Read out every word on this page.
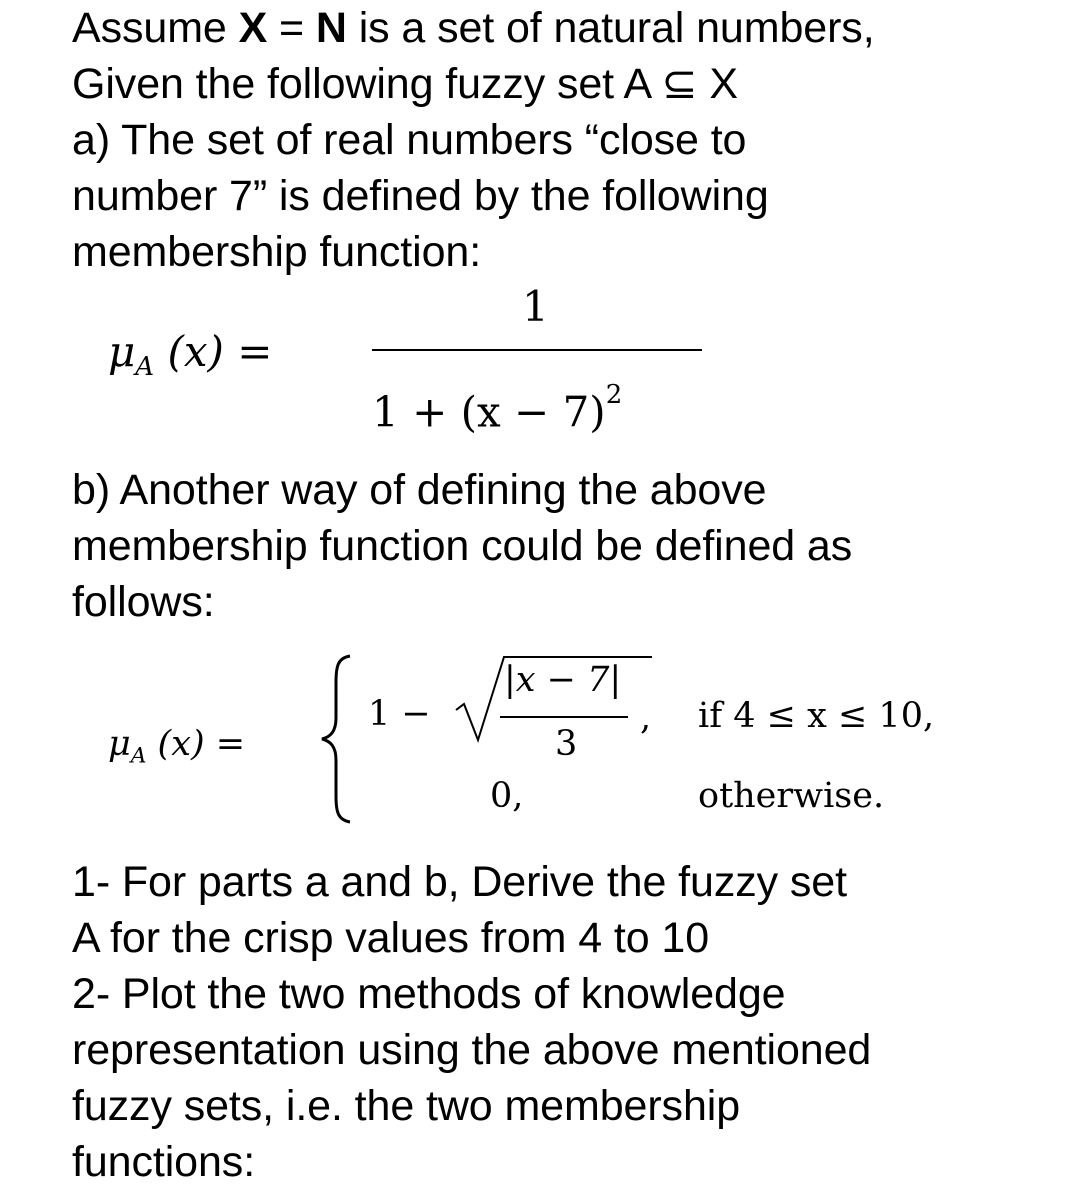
Assume X = N is a set of natural numbers,
Given the following fuzzy set A ⊆ X
a) The set of real numbers “close to
number 7” is defined by the following
membership function:
$\mu_A$ (x) =
1
$1 + (x - 7)^2$
b) Another way of defining the above
membership function could be defined as
follows:
$\mu_A$ (x) =
1 −
|x − 7|
3
, if 4 ≤ x ≤ 10,
0,	otherwise.
1- For parts a and b, Derive the fuzzy set
A for the crisp values from 4 to 10
2- Plot the two methods of knowledge
representation using the above mentioned
fuzzy sets, i.e. the two membership
functions:
